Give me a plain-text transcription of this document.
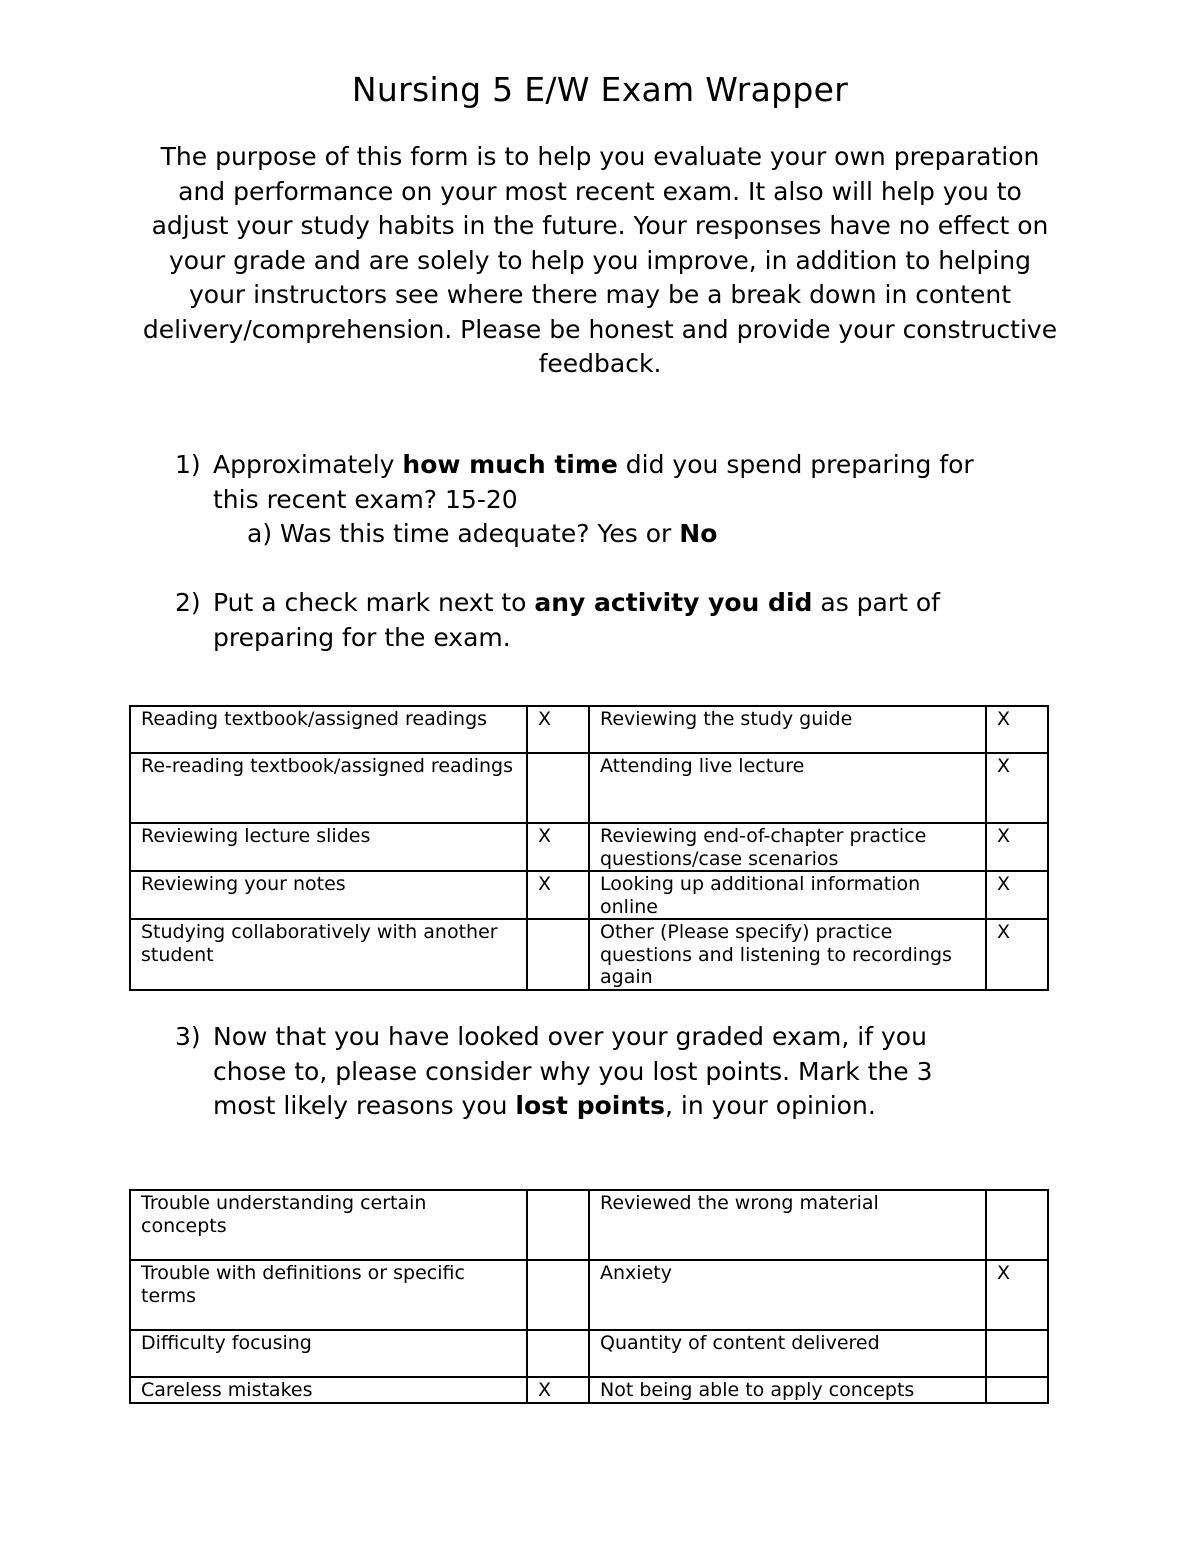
Nursing 5 E/W Exam Wrapper
The purpose of this form is to help you evaluate your own preparation and performance on your most recent exam. It also will help you to adjust your study habits in the future. Your responses have no effect on your grade and are solely to help you improve, in addition to helping your instructors see where there may be a break down in content delivery/comprehension. Please be honest and provide your constructive feedback.
1) Approximately how much time did you spend preparing for
this recent exam? 15-20
a) Was this time adequate? Yes or No
2) Put a check mark next to any activity you did as part of
preparing for the exam.
Reading textbook/assigned readings	X	Reviewing the study guide	X
Re-reading textbook/assigned readings		Attending live lecture	X
Reviewing lecture slides	X	Reviewing end-of-chapter practice questions/case scenarios	X
Reviewing your notes	X	Looking up additional information online	X
Studying collaboratively with another student		Other (Please specify) practice questions and listening to recordings again	X
3) Now that you have looked over your graded exam, if you
chose to, please consider why you lost points. Mark the 3
most likely reasons you lost points, in your opinion.
Trouble understanding certain concepts		Reviewed the wrong material	
Trouble with definitions or specific terms		Anxiety	X
Difficulty focusing		Quantity of content delivered	
Careless mistakes	X	Not being able to apply concepts	
